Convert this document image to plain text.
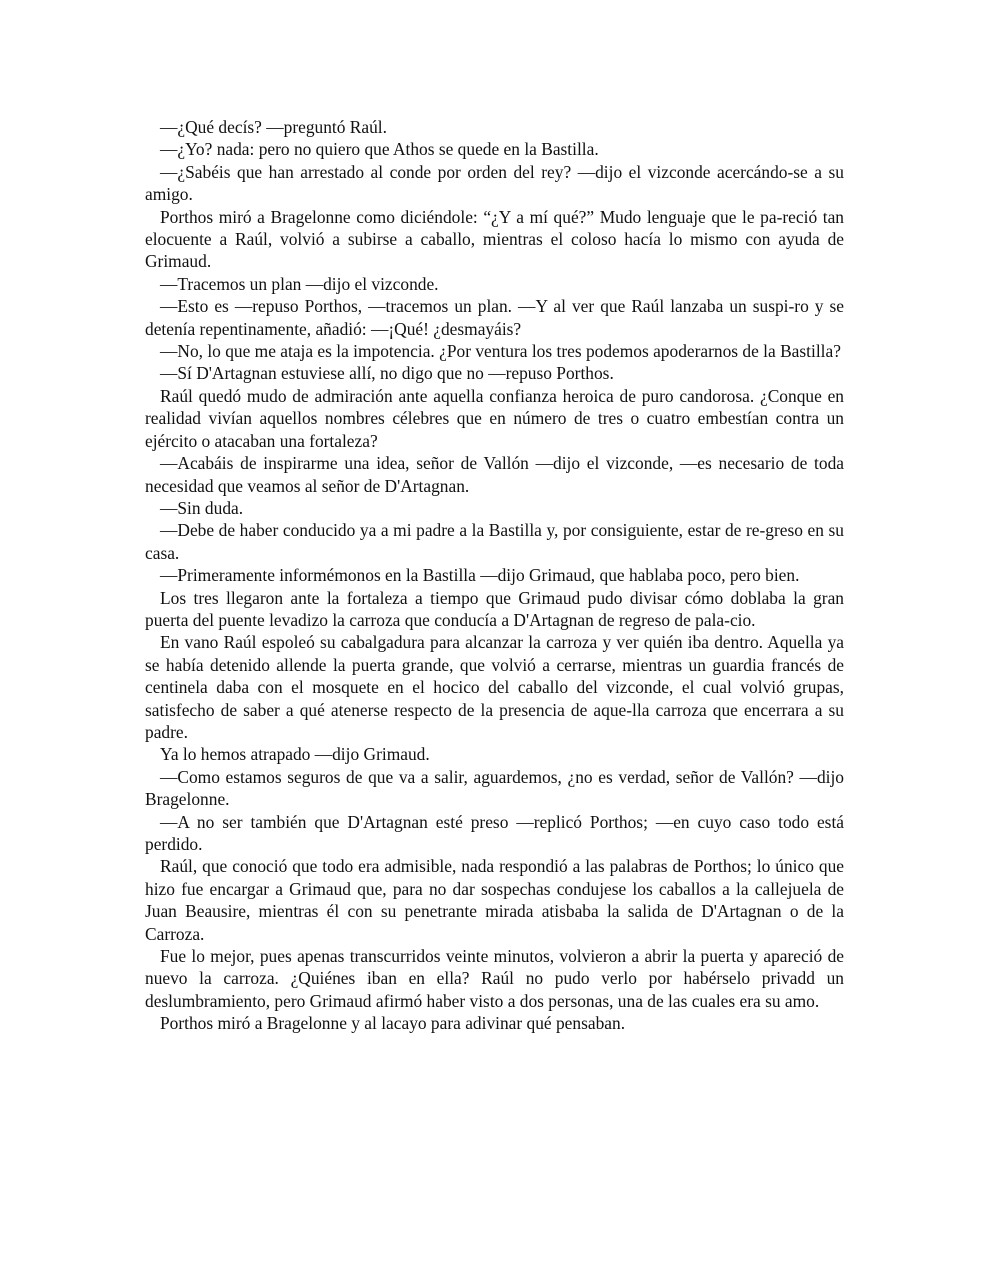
—¿Qué decís? —preguntó Raúl.

—¿Yo? nada: pero no quiero que Athos se quede en la Bastilla.

—¿Sabéis que han arrestado al conde por orden del rey? —dijo el vizconde acercándo-se a su amigo.

Porthos miró a Bragelonne como diciéndole: “¿Y a mí qué?” Mudo lenguaje que le pa-reció tan elocuente a Raúl, volvió a subirse a caballo, mientras el coloso hacía lo mismo con ayuda de Grimaud.

—Tracemos un plan —dijo el vizconde.

—Esto es —repuso Porthos, —tracemos un plan. —Y al ver que Raúl lanzaba un suspi-ro y se detenía repentinamente, añadió: —¡Qué! ¿desmayáis?

—No, lo que me ataja es la impotencia. ¿Por ventura los tres podemos apoderarnos de la Bastilla?

—Sí D'Artagnan estuviese allí, no digo que no —repuso Porthos.

Raúl quedó mudo de admiración ante aquella confianza heroica de puro candorosa. ¿Conque en realidad vivían aquellos nombres célebres que en número de tres o cuatro embestían contra un ejército o atacaban una fortaleza?

—Acabáis de inspirarme una idea, señor de Vallón —dijo el vizconde, —es necesario de toda necesidad que veamos al señor de D'Artagnan.

—Sin duda.

—Debe de haber conducido ya a mi padre a la Bastilla y, por consiguiente, estar de re-greso en su casa.

—Primeramente informémonos en la Bastilla —dijo Grimaud, que hablaba poco, pero bien.

Los tres llegaron ante la fortaleza a tiempo que Grimaud pudo divisar cómo doblaba la gran puerta del puente levadizo la carroza que conducía a D'Artagnan de regreso de pala-cio.

En vano Raúl espoleó su cabalgadura para alcanzar la carroza y ver quién iba dentro. Aquella ya se había detenido allende la puerta grande, que volvió a cerrarse, mientras un guardia francés de centinela daba con el mosquete en el hocico del caballo del vizconde, el cual volvió grupas, satisfecho de saber a qué atenerse respecto de la presencia de aque-lla carroza que encerrara a su padre.

Ya lo hemos atrapado —dijo Grimaud.

—Como estamos seguros de que va a salir, aguardemos, ¿no es verdad, señor de Vallón? —dijo Bragelonne.

—A no ser también que D'Artagnan esté preso —replicó Porthos; —en cuyo caso todo está perdido.

Raúl, que conoció que todo era admisible, nada respondió a las palabras de Porthos; lo único que hizo fue encargar a Grimaud que, para no dar sospechas condujese los caballos a la callejuela de Juan Beausire, mientras él con su penetrante mirada atisbaba la salida de D'Artagnan o de la Carroza.

Fue lo mejor, pues apenas transcurridos veinte minutos, volvieron a abrir la puerta y apareció de nuevo la carroza. ¿Quiénes iban en ella? Raúl no pudo verlo por habérselo privadd un deslumbramiento, pero Grimaud afirmó haber visto a dos personas, una de las cuales era su amo.

Porthos miró a Bragelonne y al lacayo para adivinar qué pensaban.
